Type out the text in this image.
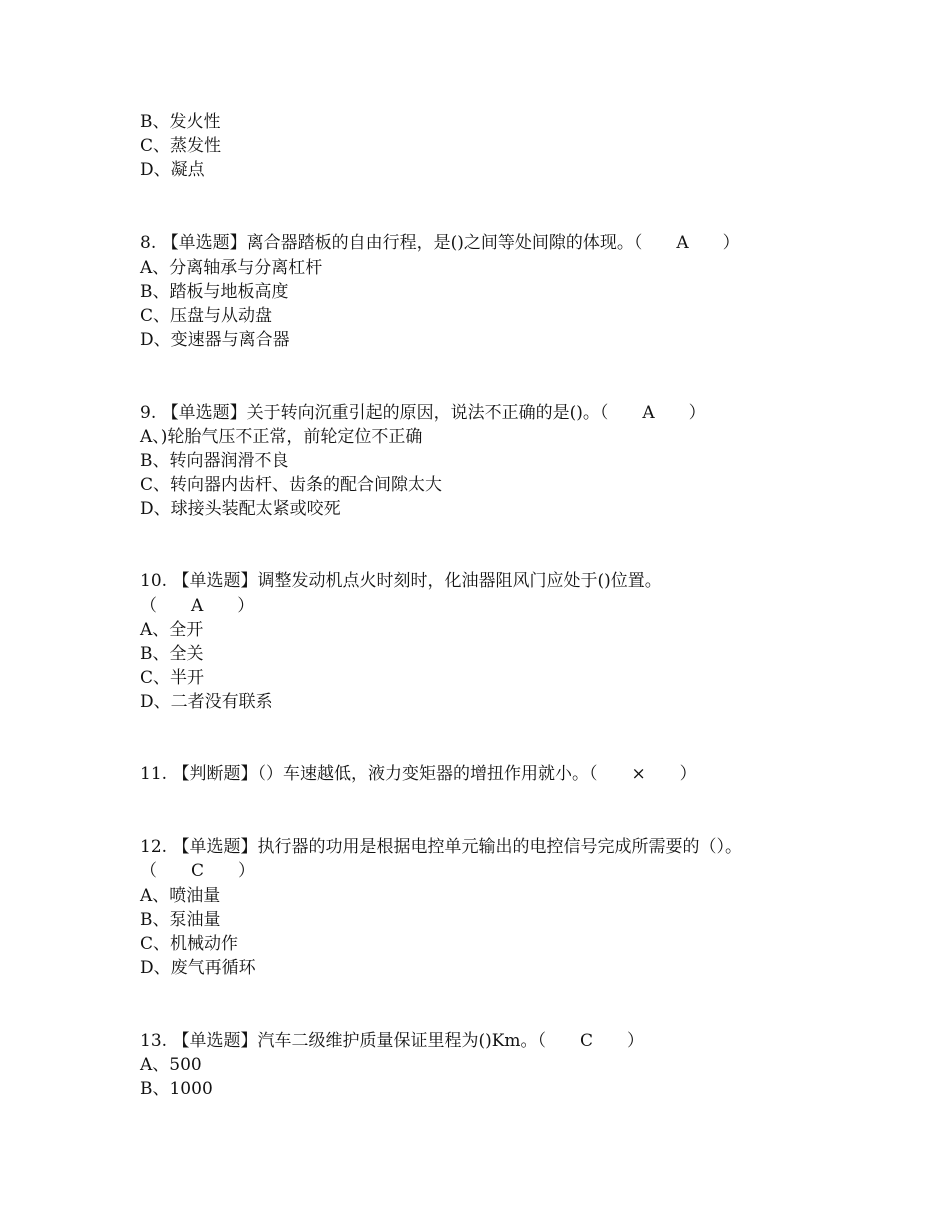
B、发火性
C、蒸发性
D、凝点
8. 【单选题】离合器踏板的自由行程，是()之间等处间隙的体现。（　　A　　）
A、分离轴承与分离杠杆
B、踏板与地板高度
C、压盘与从动盘
D、变速器与离合器
9. 【单选题】关于转向沉重引起的原因，说法不正确的是()。（　　A　　）
A、)轮胎气压不正常，前轮定位不正确
B、转向器润滑不良
C、转向器内齿杆、齿条的配合间隙太大
D、球接头装配太紧或咬死
10. 【单选题】调整发动机点火时刻时，化油器阻风门应处于()位置。
（　　A　　）
A、全开
B、全关
C、半开
D、二者没有联系
11. 【判断题】（）车速越低，液力变矩器的增扭作用就小。（　　×　　）
12. 【单选题】执行器的功用是根据电控单元输出的电控信号完成所需要的（）。
（　　C　　）
A、喷油量
B、泵油量
C、机械动作
D、废气再循环
13. 【单选题】汽车二级维护质量保证里程为()Km。（　　C　　）
A、500
B、1000
